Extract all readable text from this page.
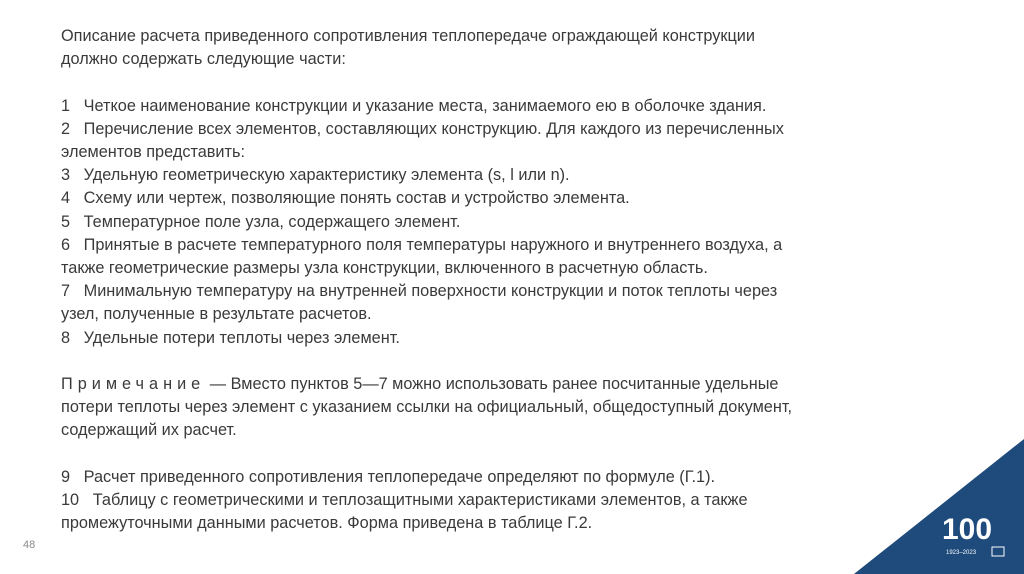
Описание расчета приведенного сопротивления теплопередаче ограждающей конструкции
должно содержать следующие части:
1 Четкое наименование конструкции и указание места, занимаемого ею в оболочке здания.
2 Перечисление всех элементов, составляющих конструкцию. Для каждого из перечисленных
элементов представить:
3 Удельную геометрическую характеристику элемента (s, l или n).
4 Схему или чертеж, позволяющие понять состав и устройство элемента.
5 Температурное поле узла, содержащего элемент.
6 Принятые в расчете температурного поля температуры наружного и внутреннего воздуха, а
также геометрические размеры узла конструкции, включенного в расчетную область.
7 Минимальную температуру на внутренней поверхности конструкции и поток теплоты через
узел, полученные в результате расчетов.
8 Удельные потери теплоты через элемент.
Примечание — Вместо пунктов 5—7 можно использовать ранее посчитанные удельные
потери теплоты через элемент с указанием ссылки на официальный, общедоступный документ,
содержащий их расчет.
9 Расчет приведенного сопротивления теплопередаче определяют по формуле (Г.1).
10 Таблицу с геометрическими и теплозащитными характеристиками элементов, а также
промежуточными данными расчетов. Форма приведена в таблице Г.2.
48	100
1923–2023
